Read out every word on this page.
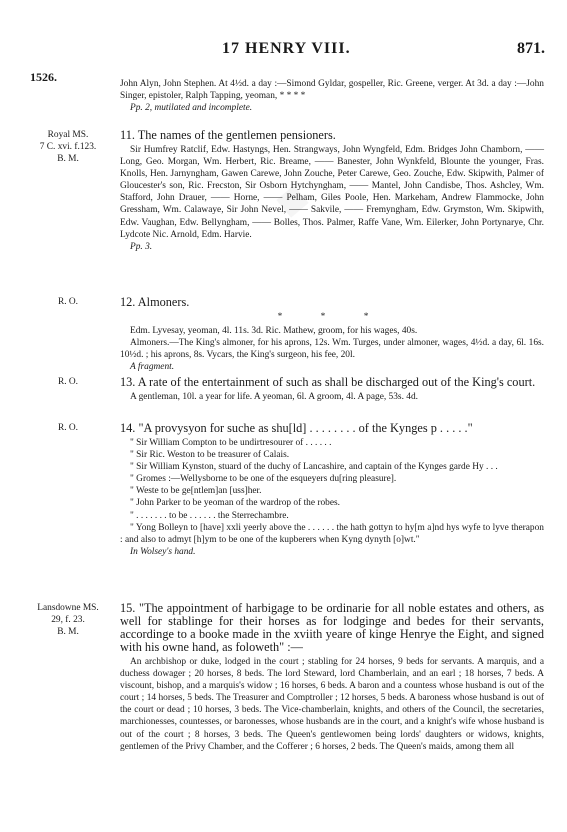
■
17 HENRY VIII.	871.
1526.	John Alyn, John Stephen. At 4½d. a day :—Simond Gyldar, gospeller, Ric. Greene, verger. At 3d. a day :—John Singer, epistoler, Ralph Tapping, yeoman, * * * *

Pp. 2, mutilated and incomplete.

Royal MS.
7 C. xvi. f.123.
B. M.
11. The names of the gentlemen pensioners.

Sir Humfrey Ratclif, Edw. Hastyngs, Hen. Strangways, John Wyngfeld, Edm. Bridges John Chamborn, —— Long, Geo. Morgan, Wm. Herbert, Ric. Breame, —— Banester, John Wynkfeld, Blounte the younger, Fras. Knolls, Hen. Jarnyngham, Gawen Carewe, John Zouche, Peter Carewe, Geo. Zouche, Edw. Skipwith, Palmer of Gloucester's son, Ric. Frecston, Sir Osborn Hytchyngham, —— Mantel, John Candisbe, Thos. Ashcley, Wm. Stafford, John Drauer, —— Horne, —— Pelham, Giles Poole, Hen. Markeham, Andrew Flammocke, John Gressham, Wm. Calawaye, Sir John Nevel, —— Sakvile, —— Fremyngham, Edw. Grymston, Wm. Skipwith, Edw. Vaughan, Edw. Bellyngham, —— Bolles, Thos. Palmer, Raffe Vane, Wm. Eilerker, John Portynarye, Chr. Lydcote Nic. Arnold, Edm. Harvie.

Pp. 3.

R. O.	12. Almoners.
* * *

Edm. Lyvesay, yeoman, 4l. 11s. 3d. Ric. Mathew, groom, for his wages, 40s.

Almoners.—The King's almoner, for his aprons, 12s. Wm. Turges, under almoner, wages, 4½d. a day, 6l. 16s. 10½d. ; his aprons, 8s. Vycars, the King's surgeon, his fee, 20l.

A fragment.

R. O.	13. A rate of the entertainment of such as shall be discharged out of the King's court.

A gentleman, 10l. a year for life. A yeoman, 6l. A groom, 4l. A page, 53s. 4d.

R. O.	14. "A provysyon for suche as shu[ld] . . . . . . . . of the Kynges p . . . . ."

" Sir William Compton to be undirtresourer of . . . . . .

" Sir Ric. Weston to be treasurer of Calais.

" Sir William Kynston, stuard of the duchy of Lancashire, and captain of the Kynges garde Hy . . .

" Gromes :—Wellysborne to be one of the esqueyers du[ring pleasure].

" Weste to be ge[ntlem]an [uss]her.

" John Parker to be yeoman of the wardrop of the robes.

" . . . . . . . to be . . . . . . the Sterrechambre.

" Yong Bolleyn to [have] xxli yeerly above the . . . . . . the hath gottyn to hy[m a]nd hys wyfe to lyve therapon : and also to admyt [h]ym to be one of the kupberers when Kyng dynyth [o]wt."

In Wolsey's hand.

Lansdowne MS.
29, f. 23.
B. M.
15. "The appointment of harbigage to be ordinarie for all noble estates and others, as well for stablinge for their horses as for lodginge and bedes for their servants, accordinge to a booke made in the xviith yeare of kinge Henrye the Eight, and signed with his owne hand, as foloweth" :—

An archbishop or duke, lodged in the court ; stabling for 24 horses, 9 beds for servants. A marquis, and a duchess dowager ; 20 horses, 8 beds. The lord Steward, lord Chamberlain, and an earl ; 18 horses, 7 beds. A viscount, bishop, and a marquis's widow ; 16 horses, 6 beds. A baron and a countess whose husband is out of the court ; 14 horses, 5 beds. The Treasurer and Comptroller ; 12 horses, 5 beds. A baroness whose husband is out of the court or dead ; 10 horses, 3 beds. The Vice-chamberlain, knights, and others of the Council, the secretaries, marchionesses, countesses, or baronesses, whose husbands are in the court, and a knight's wife whose husband is out of the court ; 8 horses, 3 beds. The Queen's gentlewomen being lords' daughters or widows, knights, gentlemen of the Privy Chamber, and the Cofferer ; 6 horses, 2 beds. The Queen's maids, among them all
